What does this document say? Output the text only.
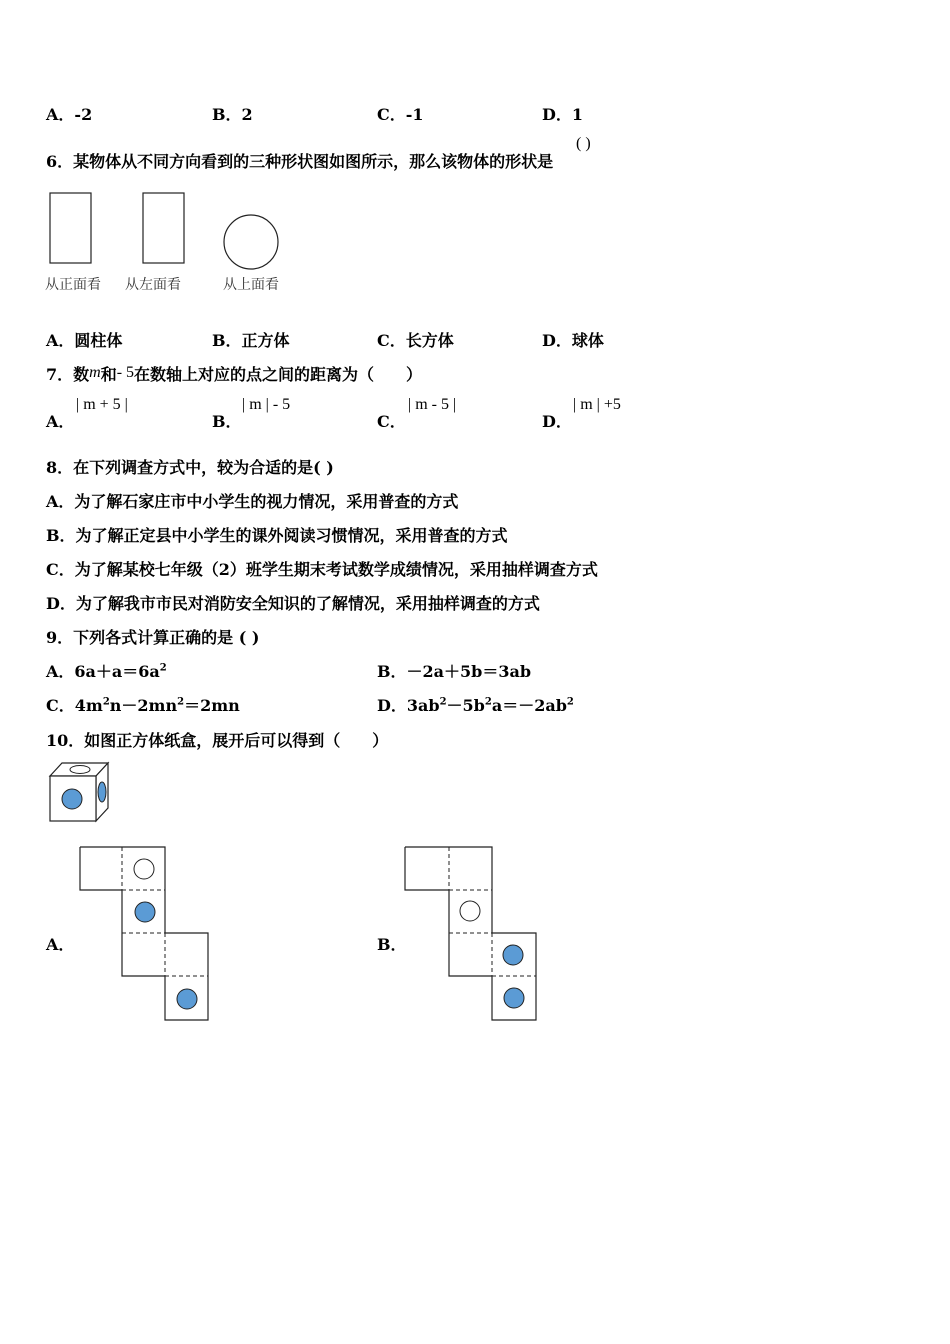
A．-2	B．2	C．-1	D．1
6．某物体从不同方向看到的三种形状图如图所示，那么该物体的形状是
( )
从正面看 从左面看	从上面看
A．圆柱体	B．正方体	C．长方体	D．球体
7．数m和- 5在数轴上对应的点之间的距离为（　　）
A．
| m + 5 |
B．
| m | - 5
C．
| m - 5 |
D．
| m | +5
8．在下列调查方式中，较为合适的是( )
A．为了解石家庄市中小学生的视力情况，采用普查的方式
B．为了解正定县中小学生的课外阅读习惯情况，采用普查的方式
C．为了解某校七年级（2）班学生期末考试数学成绩情况，采用抽样调查方式
D．为了解我市市民对消防安全知识的了解情况，采用抽样调查的方式
9．下列各式计算正确的是 ( )
A．$6a+a=6a^2$	B．－2a＋5b＝3ab
C．$4m^2n-2mn^2=2mn$	D．$3ab^2-5b^2a=-2ab^2$
10．如图正方体纸盒，展开后可以得到（　　）
A．	B．
